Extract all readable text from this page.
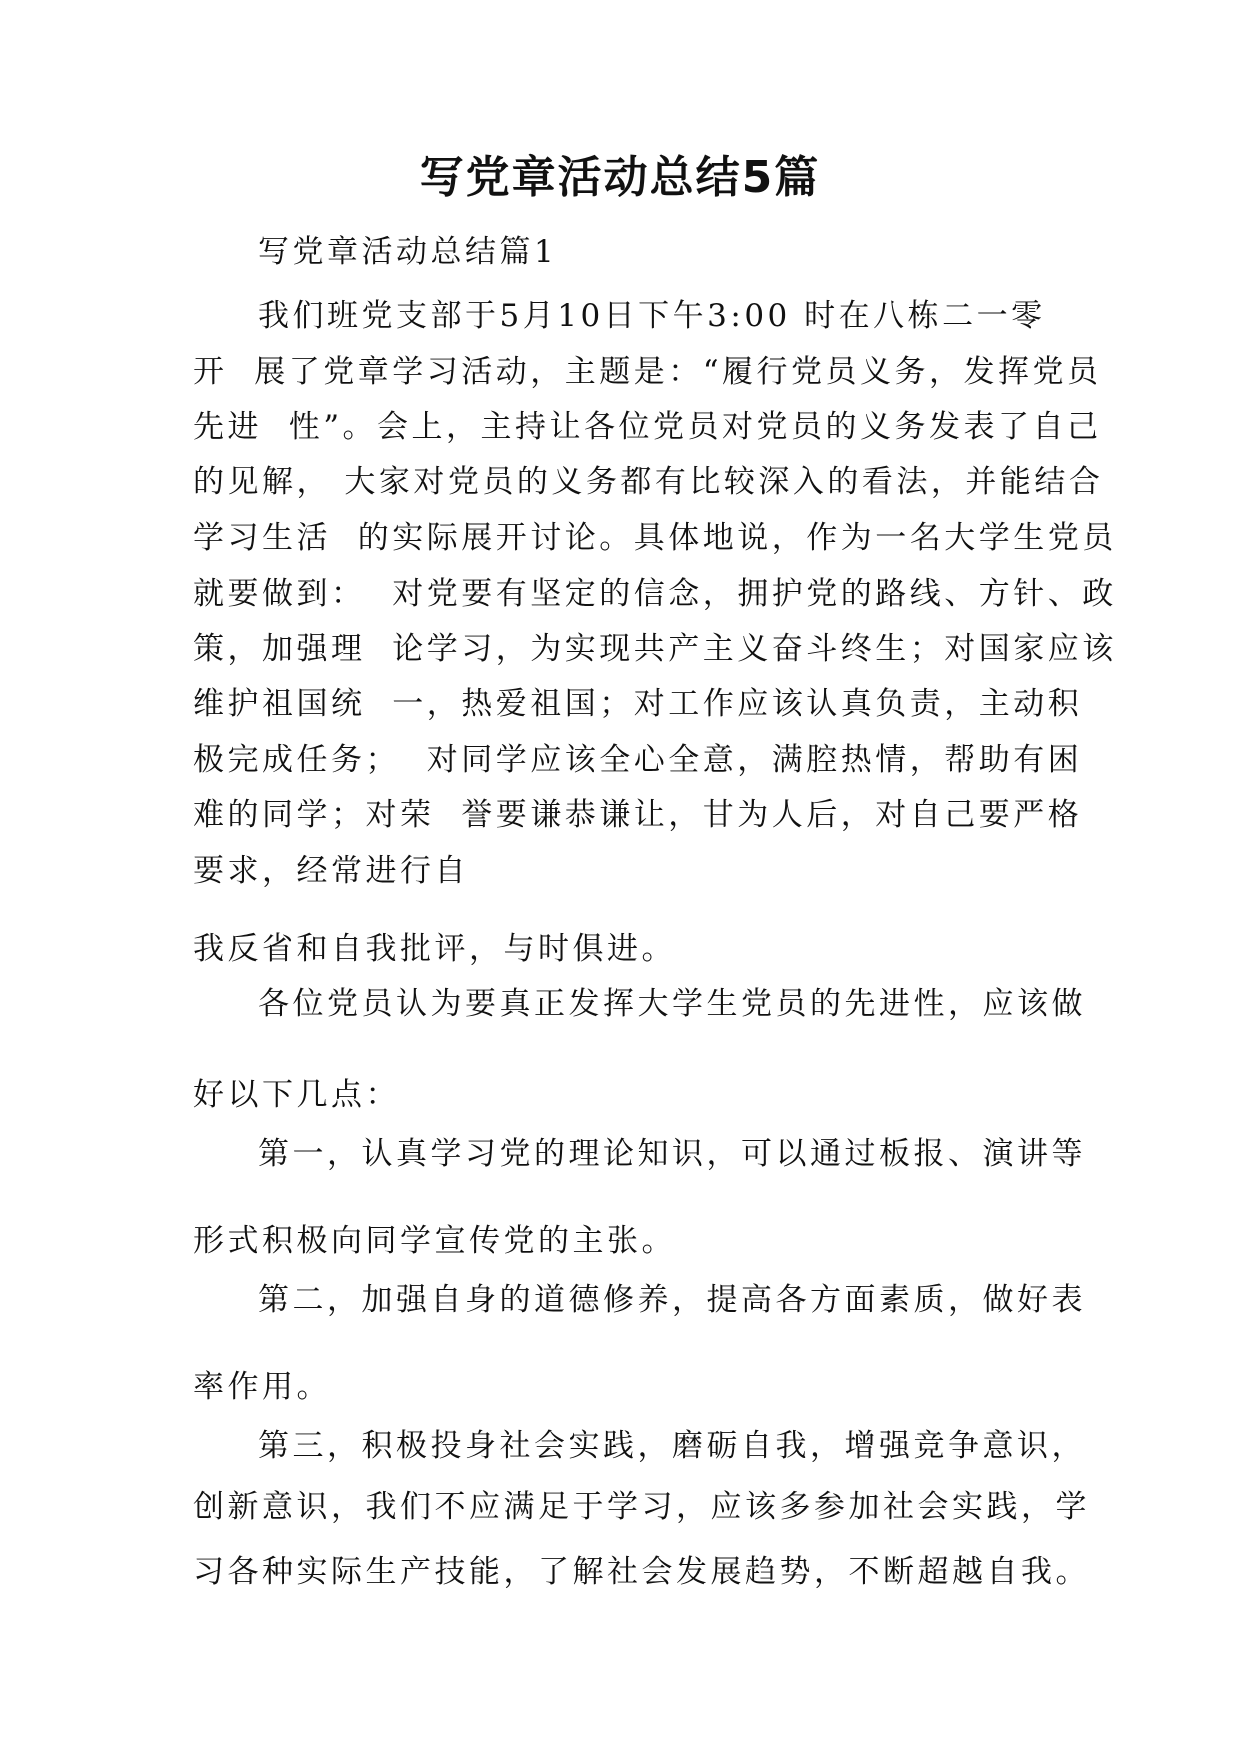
写党章活动总结5篇
写党章活动总结篇1
我们班党支部于5月10日下午3:00 时在八栋二一零
开  展了党章学习活动，主题是：“履行党员义务，发挥党员
先进  性”。会上，主持让各位党员对党员的义务发表了自己
的见解， 大家对党员的义务都有比较深入的看法，并能结合
学习生活  的实际展开讨论。具体地说，作为一名大学生党员
就要做到：  对党要有坚定的信念，拥护党的路线、方针、政
策，加强理  论学习，为实现共产主义奋斗终生；对国家应该
维护祖国统  一，热爱祖国；对工作应该认真负责，主动积
极完成任务；  对同学应该全心全意，满腔热情，帮助有困
难的同学；对荣  誉要谦恭谦让，甘为人后，对自己要严格
要求，经常进行自
我反省和自我批评，与时俱进。
各位党员认为要真正发挥大学生党员的先进性，应该做
好以下几点：
第一，认真学习党的理论知识，可以通过板报、演讲等
形式积极向同学宣传党的主张。
第二，加强自身的道德修养，提高各方面素质，做好表
率作用。
第三，积极投身社会实践，磨砺自我，增强竞争意识，
创新意识，我们不应满足于学习，应该多参加社会实践，学
习各种实际生产技能，了解社会发展趋势，不断超越自我。
